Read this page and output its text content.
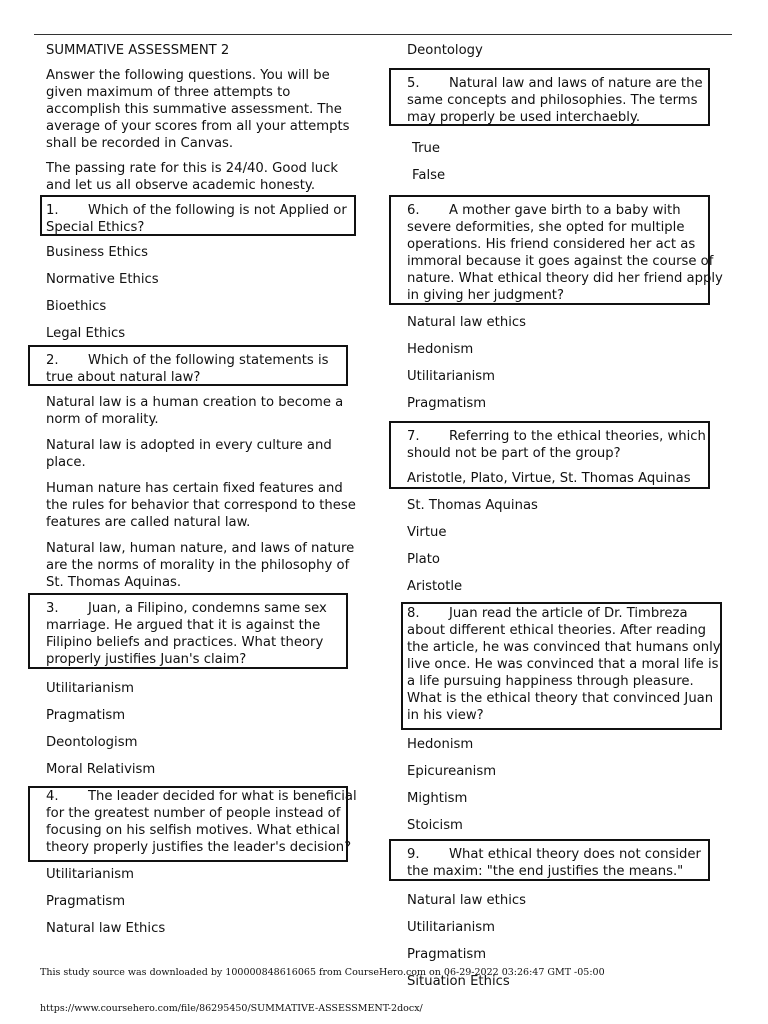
SUMMATIVE ASSESSMENT 2

Answer the following questions. You will be given maximum of three attempts to accomplish this summative assessment. The average of your scores from all your attempts shall be recorded in Canvas.

The passing rate for this is 24/40. Good luck and let us all observe academic honesty.

1. Which of the following is not Applied or Special Ethics?

Business Ethics

Normative Ethics

Bioethics

Legal Ethics

2. Which of the following statements is true about natural law?

Natural law is a human creation to become a norm of morality.

Natural law is adopted in every culture and place.

Human nature has certain fixed features and the rules for behavior that correspond to these features are called natural law.

Natural law, human nature, and laws of nature are the norms of morality in the philosophy of St. Thomas Aquinas.

3. Juan, a Filipino, condemns same sex marriage. He argued that it is against the Filipino beliefs and practices. What theory properly justifies Juan's claim?

Utilitarianism

Pragmatism

Deontologism

Moral Relativism

4. The leader decided for what is beneficial for the greatest number of people instead of focusing on his selfish motives. What ethical theory properly justifies the leader's decision?

Utilitarianism

Pragmatism

Natural law Ethics

Deontology

5. Natural law and laws of nature are the same concepts and philosophies. The terms may properly be used interchaebly.

True

False

6. A mother gave birth to a baby with severe deformities, she opted for multiple operations. His friend considered her act as immoral because it goes against the course of nature. What ethical theory did her friend apply in giving her judgment?

Natural law ethics

Hedonism

Utilitarianism

Pragmatism

7. Referring to the ethical theories, which should not be part of the group?

Aristotle, Plato, Virtue, St. Thomas Aquinas

St. Thomas Aquinas

Virtue

Plato

Aristotle

8. Juan read the article of Dr. Timbreza about different ethical theories. After reading the article, he was convinced that humans only live once. He was convinced that a moral life is a life pursuing happiness through pleasure. What is the ethical theory that convinced Juan in his view?

Hedonism

Epicureanism

Mightism

Stoicism

9. What ethical theory does not consider the maxim: "the end justifies the means."

Natural law ethics

Utilitarianism

Pragmatism

Situation Ethics

This study source was downloaded by 100000848616065 from CourseHero.com on 06-29-2022 03:26:47 GMT -05:00
https://www.coursehero.com/file/86295450/SUMMATIVE-ASSESSMENT-2docx/
